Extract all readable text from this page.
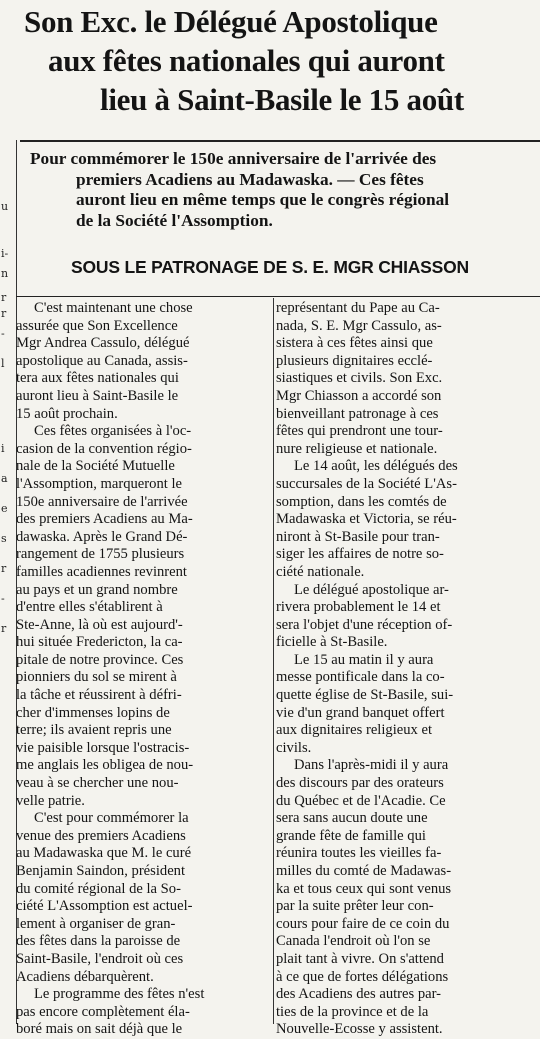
u
i-
n
r
r
-
l
i
a
e
s
r
-
r
Son Exc. le Délégué Apostolique
aux fêtes nationales qui auront
lieu à Saint-Basile le 15 août
Pour commémorer le 150e anniversaire de l'arrivée des
premiers Acadiens au Madawaska. — Ces fêtes
auront lieu en même temps que le congrès régional
de la Société l'Assomption.
SOUS LE PATRONAGE DE S. E. MGR CHIASSON
C'est maintenant une chose
assurée que Son Excellence
Mgr Andrea Cassulo, délégué
apostolique au Canada, assis-
tera aux fêtes nationales qui
auront lieu à Saint-Basile le
15 août prochain.
Ces fêtes organisées à l'oc-
casion de la convention régio-
nale de la Société Mutuelle
l'Assomption, marqueront le
150e anniversaire de l'arrivée
des premiers Acadiens au Ma-
dawaska. Après le Grand Dé-
rangement de 1755 plusieurs
familles acadiennes revinrent
au pays et un grand nombre
d'entre elles s'établirent à
Ste-Anne, là où est aujourd'-
hui située Fredericton, la ca-
pitale de notre province. Ces
pionniers du sol se mirent à
la tâche et réussirent à défri-
cher d'immenses lopins de
terre; ils avaient repris une
vie paisible lorsque l'ostracis-
me anglais les obligea de nou-
veau à se chercher une nou-
velle patrie.
C'est pour commémorer la
venue des premiers Acadiens
au Madawaska que M. le curé
Benjamin Saindon, président
du comité régional de la So-
ciété L'Assomption est actuel-
lement à organiser de gran-
des fêtes dans la paroisse de
Saint-Basile, l'endroit où ces
Acadiens débarquèrent.
Le programme des fêtes n'est
pas encore complètement éla-
boré mais on sait déjà que le
représentant du Pape au Ca-
nada, S. E. Mgr Cassulo, as-
sistera à ces fêtes ainsi que
plusieurs dignitaires ecclé-
siastiques et civils. Son Exc.
Mgr Chiasson a accordé son
bienveillant patronage à ces
fêtes qui prendront une tour-
nure religieuse et nationale.
Le 14 août, les délégués des
succursales de la Société L'As-
somption, dans les comtés de
Madawaska et Victoria, se réu-
niront à St-Basile pour tran-
siger les affaires de notre so-
ciété nationale.
Le délégué apostolique ar-
rivera probablement le 14 et
sera l'objet d'une réception of-
ficielle à St-Basile.
Le 15 au matin il y aura
messe pontificale dans la co-
quette église de St-Basile, sui-
vie d'un grand banquet offert
aux dignitaires religieux et
civils.
Dans l'après-midi il y aura
des discours par des orateurs
du Québec et de l'Acadie. Ce
sera sans aucun doute une
grande fête de famille qui
réunira toutes les vieilles fa-
milles du comté de Madawas-
ka et tous ceux qui sont venus
par la suite prêter leur con-
cours pour faire de ce coin du
Canada l'endroit où l'on se
plait tant à vivre. On s'attend
à ce que de fortes délégations
des Acadiens des autres par-
ties de la province et de la
Nouvelle-Ecosse y assistent.
